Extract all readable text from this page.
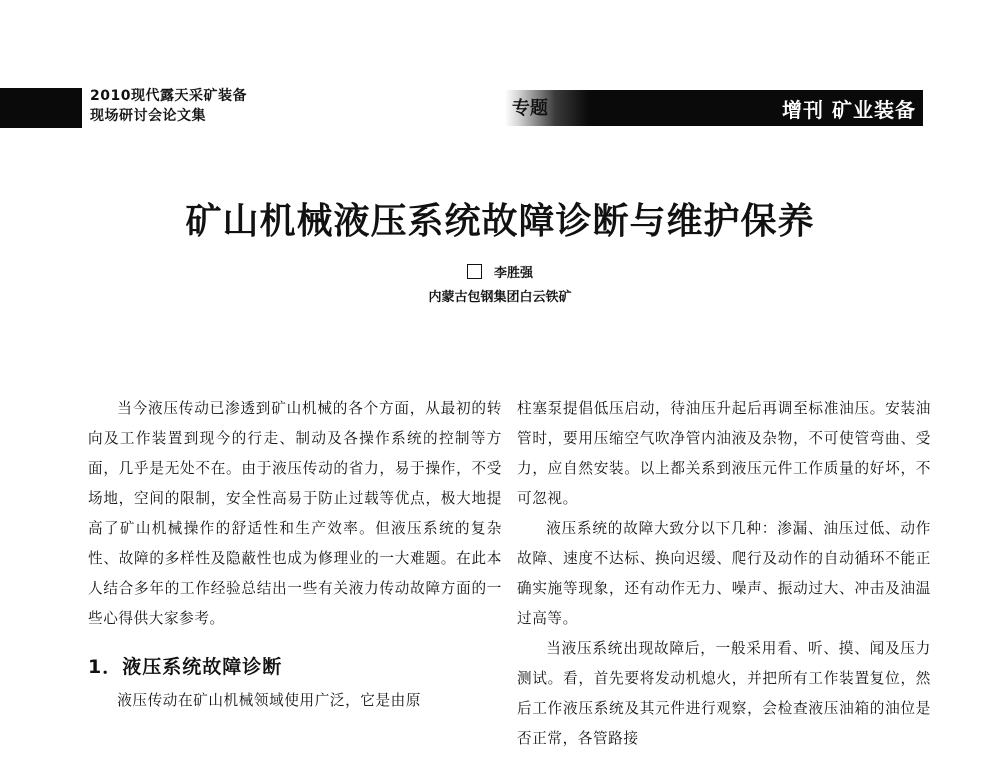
2010现代露天采矿装备
现场研讨会论文集	专题	增刊 矿业装备
矿山机械液压系统故障诊断与维护保养
李胜强
内蒙古包钢集团白云铁矿

当今液压传动已渗透到矿山机械的各个方面，从最初的转向及工作装置到现今的行走、制动及各操作系统的控制等方面，几乎是无处不在。由于液压传动的省力，易于操作，不受场地，空间的限制，安全性高易于防止过载等优点，极大地提高了矿山机械操作的舒适性和生产效率。但液压系统的复杂性、故障的多样性及隐蔽性也成为修理业的一大难题。在此本人结合多年的工作经验总结出一些有关液力传动故障方面的一些心得供大家参考。

1．液压系统故障诊断

液压传动在矿山机械领域使用广泛，它是由原

柱塞泵提倡低压启动，待油压升起后再调至标准油压。安装油管时，要用压缩空气吹净管内油液及杂物，不可使管弯曲、受力，应自然安装。以上都关系到液压元件工作质量的好坏，不可忽视。

液压系统的故障大致分以下几种：渗漏、油压过低、动作故障、速度不达标、换向迟缓、爬行及动作的自动循环不能正确实施等现象，还有动作无力、噪声、振动过大、冲击及油温过高等。

当液压系统出现故障后，一般采用看、听、摸、闻及压力测试。看，首先要将发动机熄火，并把所有工作装置复位，然后工作液压系统及其元件进行观察，会检查液压油箱的油位是否正常，各管路接
